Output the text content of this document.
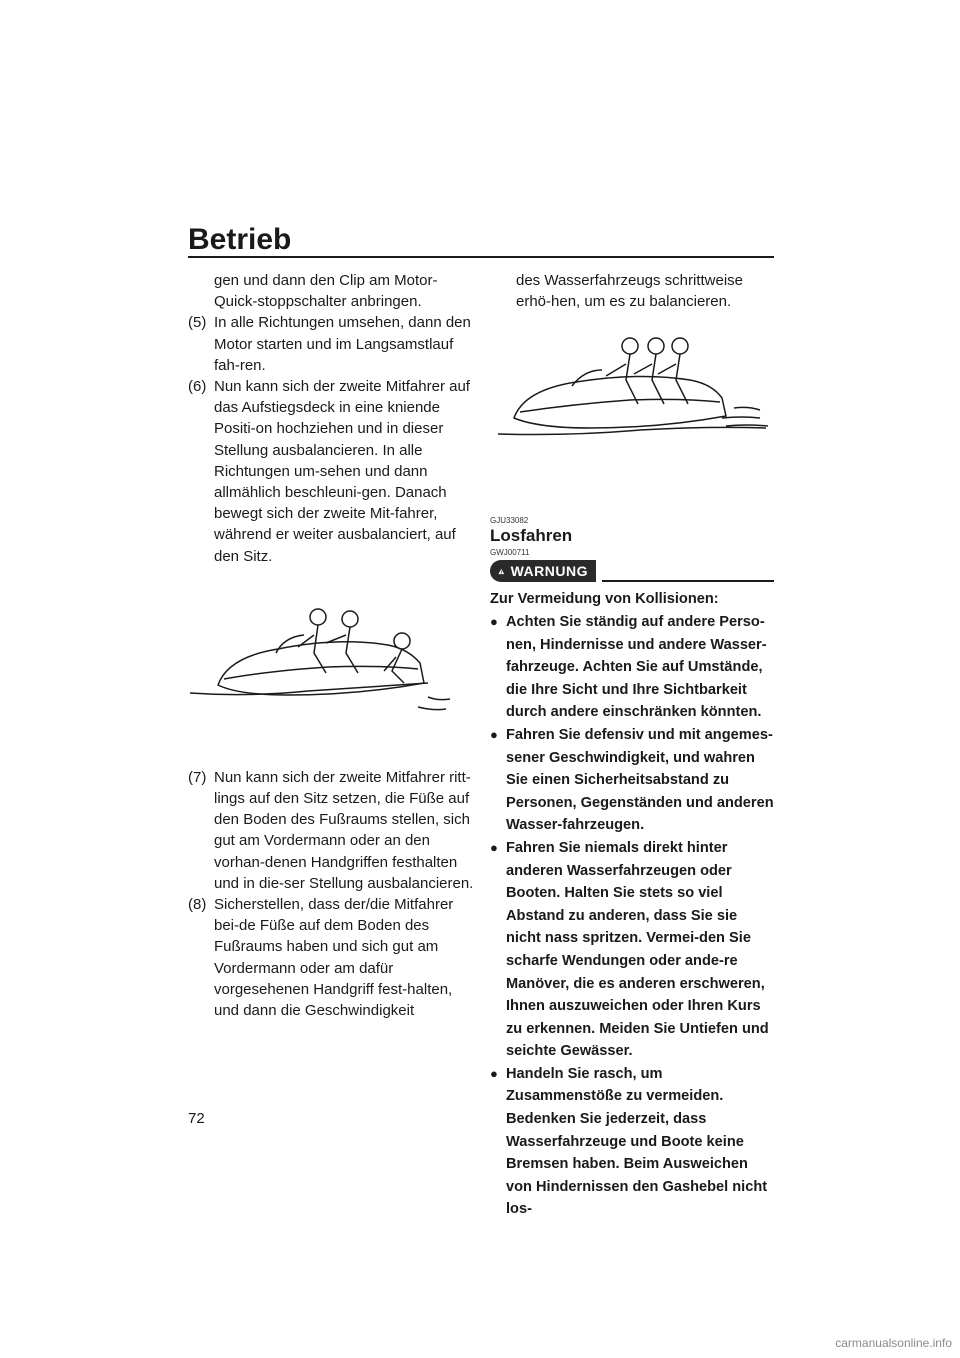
Betrieb

gen und dann den Clip am Motor-Quick-stoppschalter anbringen.

(5) In alle Richtungen umsehen, dann den Motor starten und im Langsamstlauf fah-ren.
(6) Nun kann sich der zweite Mitfahrer auf das Aufstiegsdeck in eine kniende Positi-on hochziehen und in dieser Stellung ausbalancieren. In alle Richtungen um-sehen und dann allmählich beschleuni-gen. Danach bewegt sich der zweite Mit-fahrer, während er weiter ausbalanciert, auf den Sitz.
(7) Nun kann sich der zweite Mitfahrer ritt-lings auf den Sitz setzen, die Füße auf den Boden des Fußraums stellen, sich gut am Vordermann oder an den vorhan-denen Handgriffen festhalten und in die-ser Stellung ausbalancieren.
(8) Sicherstellen, dass der/die Mitfahrer bei-de Füße auf dem Boden des Fußraums haben und sich gut am Vordermann oder am dafür vorgesehenen Handgriff fest-halten, und dann die Geschwindigkeit

des Wasserfahrzeugs schrittweise erhö-hen, um es zu balancieren.

GJU33082
Losfahren
GWJ00711
WARNUNG

Zur Vermeidung von Kollisionen:

● Achten Sie ständig auf andere Perso-nen, Hindernisse und andere Wasser-fahrzeuge. Achten Sie auf Umstände, die Ihre Sicht und Ihre Sichtbarkeit durch andere einschränken könnten.
● Fahren Sie defensiv und mit angemes-sener Geschwindigkeit, und wahren Sie einen Sicherheitsabstand zu Personen, Gegenständen und anderen Wasser-fahrzeugen.
● Fahren Sie niemals direkt hinter anderen Wasserfahrzeugen oder Booten. Halten Sie stets so viel Abstand zu anderen, dass Sie sie nicht nass spritzen. Vermei-den Sie scharfe Wendungen oder ande-re Manöver, die es anderen erschweren, Ihnen auszuweichen oder Ihren Kurs zu erkennen. Meiden Sie Untiefen und seichte Gewässer.
● Handeln Sie rasch, um Zusammenstöße zu vermeiden. Bedenken Sie jederzeit, dass Wasserfahrzeuge und Boote keine Bremsen haben. Beim Ausweichen von Hindernissen den Gashebel nicht los-
72
carmanualsonline.info
